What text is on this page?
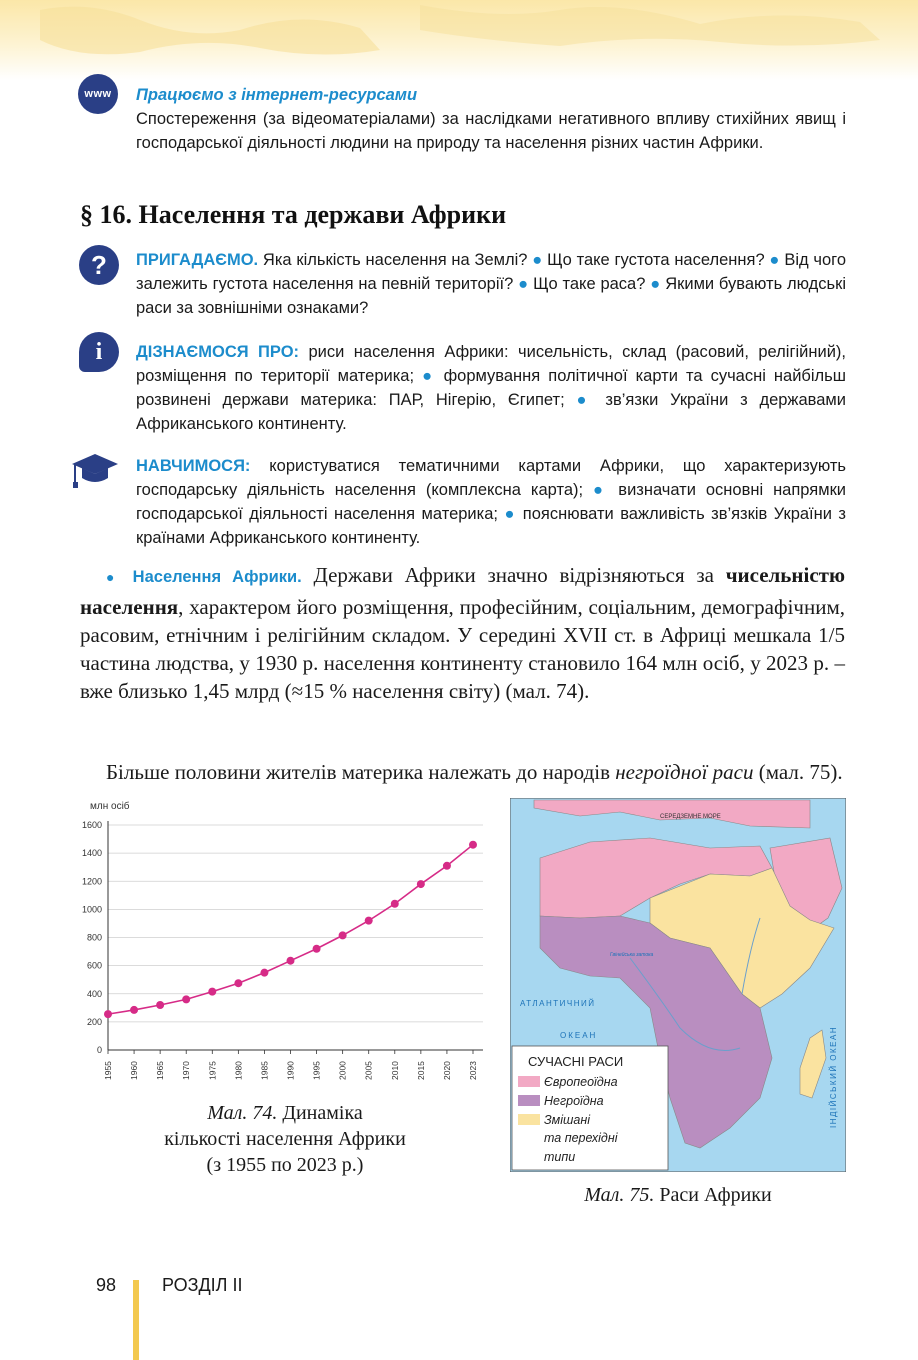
www Працюємо з інтернет-ресурсами
Спостереження (за відеоматеріалами) за наслідками негативного впливу стихійних явищ і господарської діяльності людини на природу та населення різних частин Африки.
§ 16. Населення та держави Африки
?	ПРИГАДАЄМО. Яка кількість населення на Землі? ● Що таке густота населення? ● Від чого залежить густота населення на певній території? ● Що таке раса? ● Якими бувають людські раси за зовнішніми ознаками?
i	ДІЗНАЄМОСЯ ПРО: риси населення Африки: чисельність, склад (расовий, релігійний), розміщення по території материка; ● формування політичної карти та сучасні найбільш розвинені держави материка: ПАР, Нігерію, Єгипет; ● зв’язки України з державами Африканського континенту.
НАВЧИМОСЯ: користуватися тематичними картами Африки, що характеризують господарську діяльність населення (комплексна карта); ● визначати основні напрямки господарської діяльності населення материка; ● пояснювати важливість зв’язків України з країнами Африканського континенту.
● Населення Африки. Держави Африки значно відрізняються за чисельністю населення, характером його розміщення, професійним, соціальним, демографічним, расовим, етнічним і релігійним складом. У середині XVII ст. в Африці мешкала 1/5 частина людства, у 1930 р. населення континенту становило 164 млн осіб, у 2023 р. – вже близько 1,45 млрд (≈15 % населення світу) (мал. 74).
Більше половини жителів материка належать до народів негроїдної раси (мал. 75).
млн осіб
0
200
400
600
800
1000
1200
1400
1600
1955 1960 1965 1970 1975 1980 1985 1990 1995 2000 2005 2010 2015 2020 2023
Мал. 74. Динаміка
кількості населення Африки
(з 1955 по 2023 р.)
СЕРЕДЗЕМНЕ МОРЕ
АТЛАНТИЧНИЙ
ОКЕАН
Гвінейська затока
ІНДІЙСЬКИЙ ОКЕАН
СУЧАСНІ РАСИ
Європеоїдна
Негроїдна
Змішані
та перехідні
типи
Мал. 75. Раси Африки
98	РОЗДІЛ ІІ
